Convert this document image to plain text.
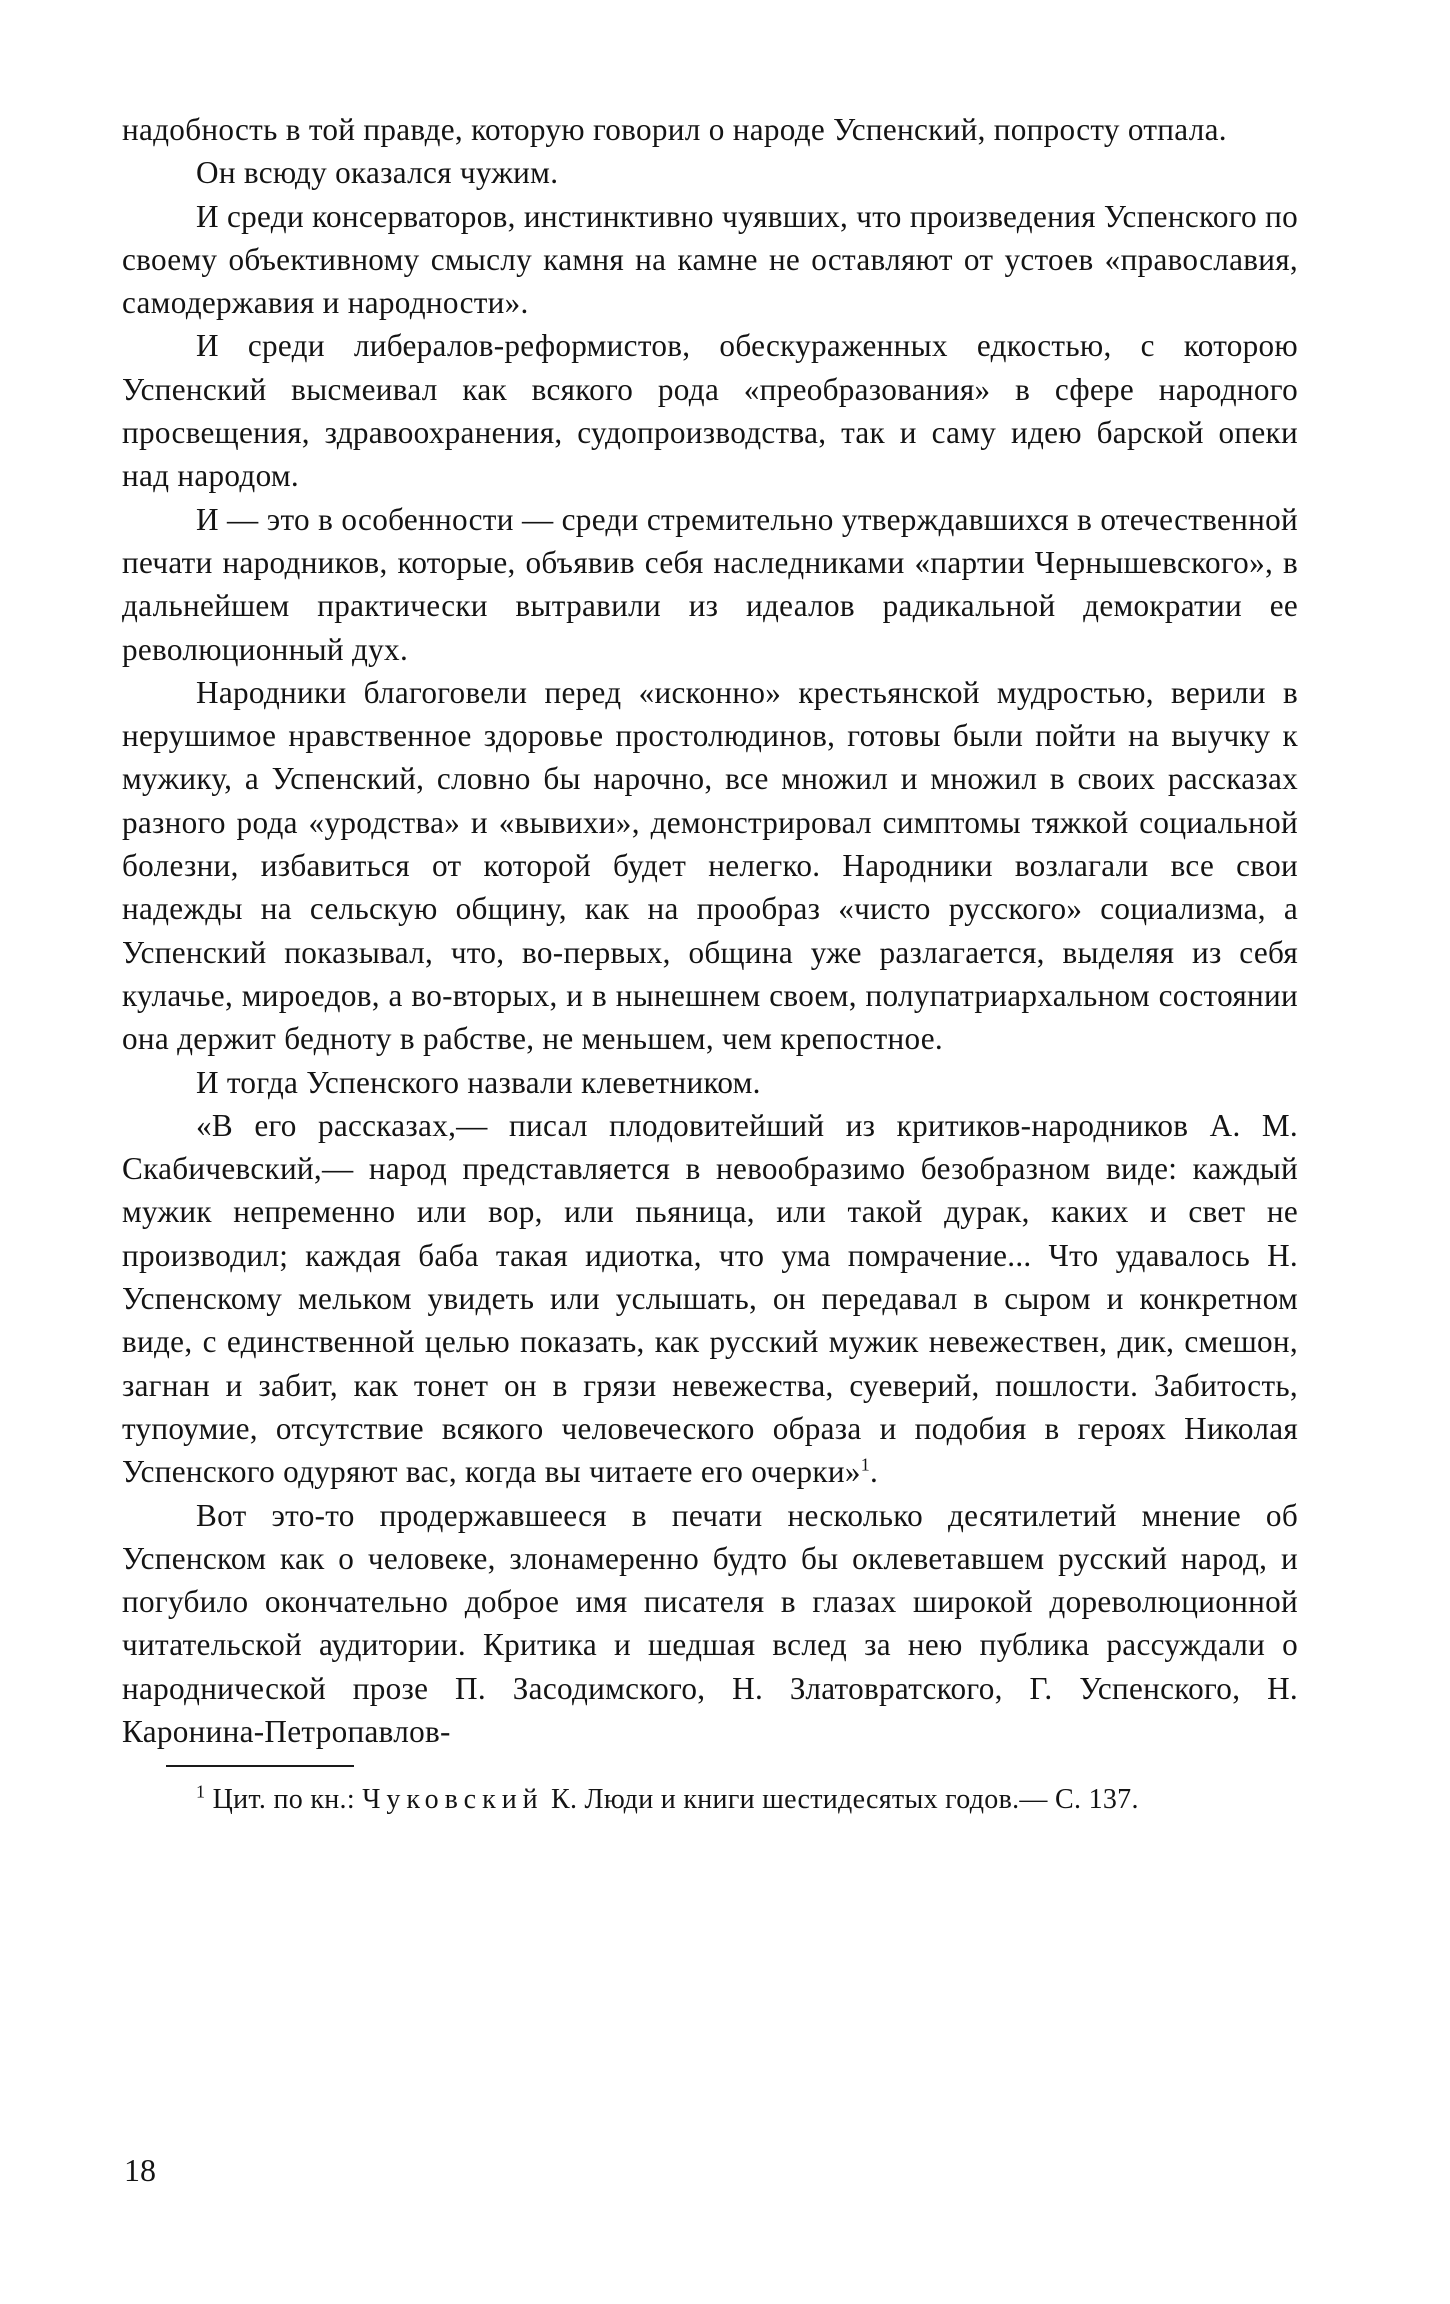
надобность в той правде, которую говорил о народе Успенский, попросту отпала.

Он всюду оказался чужим.

И среди консерваторов, инстинктивно чуявших, что произведения Успенского по своему объективному смыслу камня на камне не оставляют от устоев «православия, самодержавия и народности».

И среди либералов-реформистов, обескураженных едкостью, с которою Успенский высмеивал как всякого рода «преобразования» в сфере народного просвещения, здравоохранения, судопроизводства, так и саму идею барской опеки над народом.

И — это в особенности — среди стремительно утверждавшихся в отечественной печати народников, которые, объявив себя наследниками «партии Чернышевского», в дальнейшем практически вытравили из идеалов радикальной демократии ее революционный дух.

Народники благоговели перед «исконно» крестьянской мудростью, верили в нерушимое нравственное здоровье простолюдинов, готовы были пойти на выучку к мужику, а Успенский, словно бы нарочно, все множил и множил в своих рассказах разного рода «уродства» и «вывихи», демонстрировал симптомы тяжкой социальной болезни, избавиться от которой будет нелегко. Народники возлагали все свои надежды на сельскую общину, как на прообраз «чисто русского» социализма, а Успенский показывал, что, во-первых, община уже разлагается, выделяя из себя кулачье, мироедов, а во-вторых, и в нынешнем своем, полупатриархальном состоянии она держит бедноту в рабстве, не меньшем, чем крепостное.

И тогда Успенского назвали клеветником.

«В его рассказах,— писал плодовитейший из критиков-народников А. М. Скабичевский,— народ представляется в невообразимо безобразном виде: каждый мужик непременно или вор, или пьяница, или такой дурак, каких и свет не производил; каждая баба такая идиотка, что ума помрачение... Что удавалось Н. Успенскому мельком увидеть или услышать, он передавал в сыром и конкретном виде, с единственной целью показать, как русский мужик невежествен, дик, смешон, загнан и забит, как тонет он в грязи невежества, суеверий, пошлости. Забитость, тупоумие, отсутствие всякого человеческого образа и подобия в героях Николая Успенского одуряют вас, когда вы читаете его очерки»$^1$.

Вот это-то продержавшееся в печати несколько десятилетий мнение об Успенском как о человеке, злонамеренно будто бы оклеветавшем русский народ, и погубило окончательно доброе имя писателя в глазах широкой дореволюционной читательской аудитории. Критика и шедшая вслед за нею публика рассуждали о народнической прозе П. Засодимского, Н. Златовратского, Г. Успенского, Н. Каронина-Петропавлов-

$^1$ Цит. по кн.: Чуковский К. Люди и книги шестидесятых годов.— С. 137.

18
